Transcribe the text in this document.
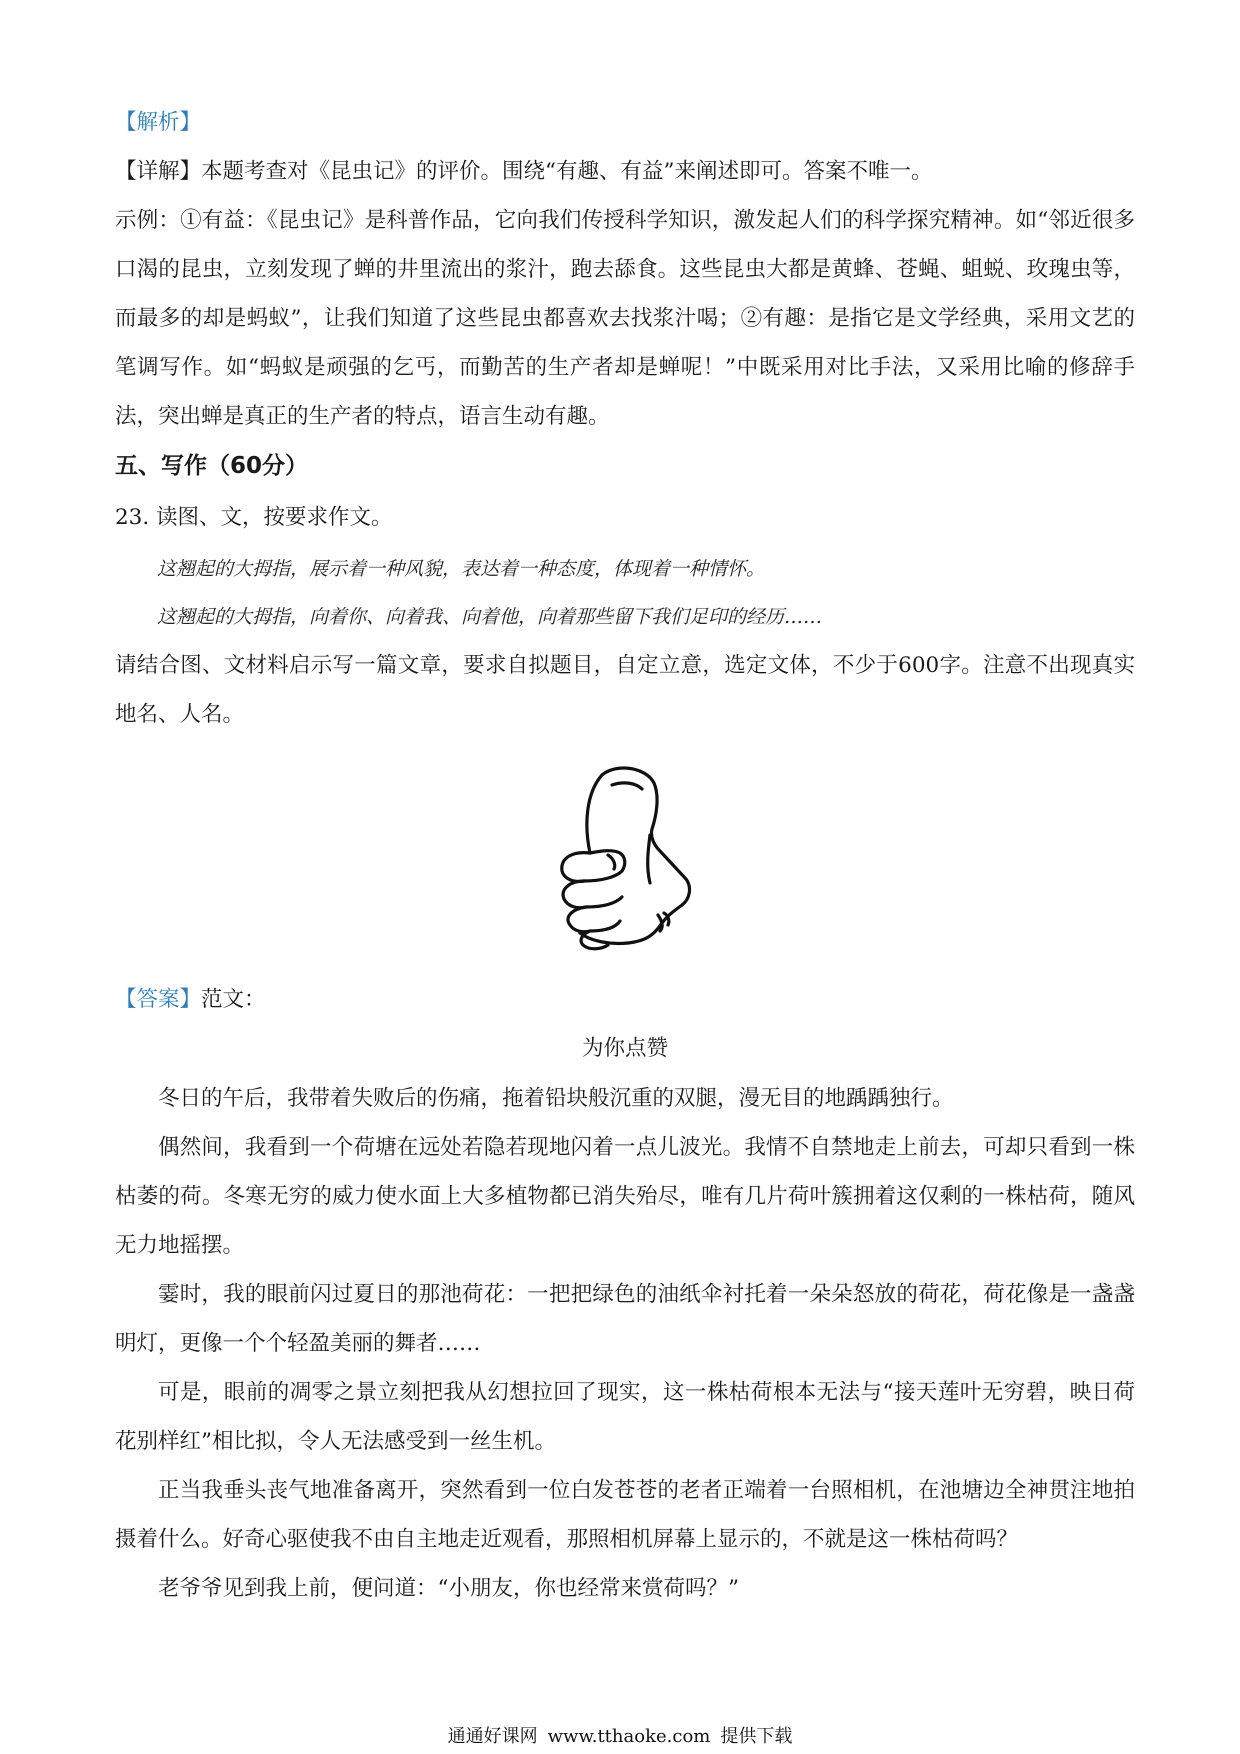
【解析】

【详解】本题考查对《昆虫记》的评价。围绕“有趣、有益”来阐述即可。答案不唯一。

示例：①有益：《昆虫记》是科普作品，它向我们传授科学知识，激发起人们的科学探究精神。如“邻近很多口渴的昆虫，立刻发现了蝉的井里流出的浆汁，跑去舔食。这些昆虫大都是黄蜂、苍蝇、蛆蜕、玫瑰虫等，而最多的却是蚂蚁”，让我们知道了这些昆虫都喜欢去找浆汁喝；②有趣：是指它是文学经典，采用文艺的笔调写作。如“蚂蚁是顽强的乞丐，而勤苦的生产者却是蝉呢！”中既采用对比手法，又采用比喻的修辞手法，突出蝉是真正的生产者的特点，语言生动有趣。

五、写作（60分）

23. 读图、文，按要求作文。

这翘起的大拇指，展示着一种风貌，表达着一种态度，体现着一种情怀。

这翘起的大拇指，向着你、向着我、向着他，向着那些留下我们足印的经历……

请结合图、文材料启示写一篇文章，要求自拟题目，自定立意，选定文体，不少于600字。注意不出现真实地名、人名。

【答案】范文：

为你点赞

冬日的午后，我带着失败后的伤痛，拖着铅块般沉重的双腿，漫无目的地踽踽独行。

偶然间，我看到一个荷塘在远处若隐若现地闪着一点儿波光。我情不自禁地走上前去，可却只看到一株枯萎的荷。冬寒无穷的威力使水面上大多植物都已消失殆尽，唯有几片荷叶簇拥着这仅剩的一株枯荷，随风无力地摇摆。

霎时，我的眼前闪过夏日的那池荷花：一把把绿色的油纸伞衬托着一朵朵怒放的荷花，荷花像是一盏盏明灯，更像一个个轻盈美丽的舞者……

可是，眼前的凋零之景立刻把我从幻想拉回了现实，这一株枯荷根本无法与“接天莲叶无穷碧，映日荷花别样红”相比拟，令人无法感受到一丝生机。

正当我垂头丧气地准备离开，突然看到一位白发苍苍的老者正端着一台照相机，在池塘边全神贯注地拍摄着什么。好奇心驱使我不由自主地走近观看，那照相机屏幕上显示的，不就是这一株枯荷吗？

老爷爷见到我上前，便问道：“小朋友，你也经常来赏荷吗？”

通通好课网 www.tthaoke.com 提供下载
